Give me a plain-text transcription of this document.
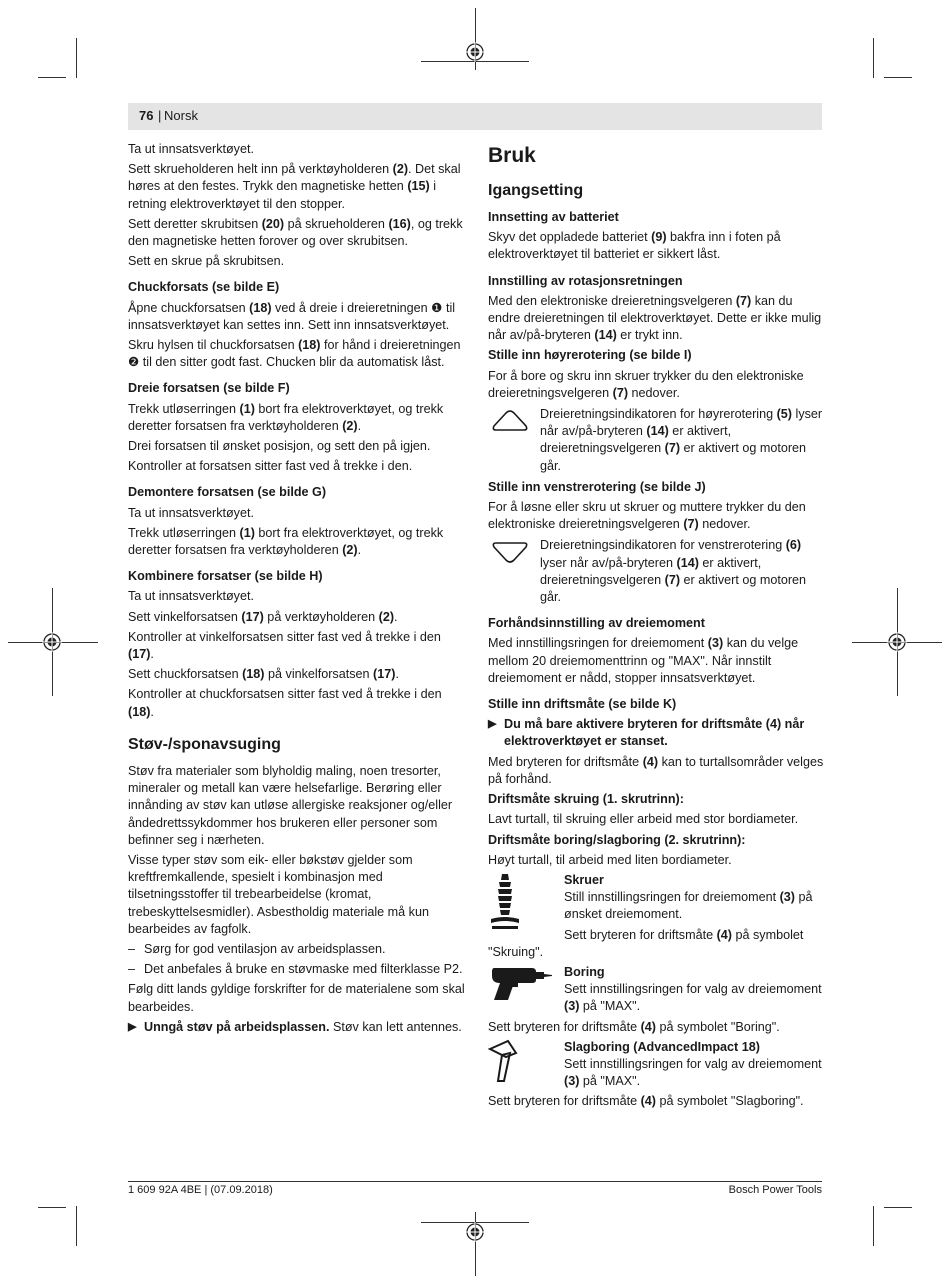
76 | Norsk

Ta ut innsatsverktøyet.

Sett skrueholderen helt inn på verktøyholderen (2). Det skal høres at den festes. Trykk den magnetiske hetten (15) i retning elektroverktøyet til den stopper.

Sett deretter skrubitsen (20) på skrueholderen (16), og trekk den magnetiske hetten forover og over skrubitsen.

Sett en skrue på skrubitsen.

Chuckforsats (se bilde E)

Åpne chuckforsatsen (18) ved å dreie i dreieretningen ❶ til innsatsverktøyet kan settes inn. Sett inn innsatsverktøyet.

Skru hylsen til chuckforsatsen (18) for hånd i dreieretningen ❷ til den sitter godt fast. Chucken blir da automatisk låst.

Dreie forsatsen (se bilde F)

Trekk utløserringen (1) bort fra elektroverktøyet, og trekk deretter forsatsen fra verktøyholderen (2).

Drei forsatsen til ønsket posisjon, og sett den på igjen.

Kontroller at forsatsen sitter fast ved å trekke i den.

Demontere forsatsen (se bilde G)

Ta ut innsatsverktøyet.

Trekk utløserringen (1) bort fra elektroverktøyet, og trekk deretter forsatsen fra verktøyholderen (2).

Kombinere forsatser (se bilde H)

Ta ut innsatsverktøyet.

Sett vinkelforsatsen (17) på verktøyholderen (2).

Kontroller at vinkelforsatsen sitter fast ved å trekke i den (17).

Sett chuckforsatsen (18) på vinkelforsatsen (17).

Kontroller at chuckforsatsen sitter fast ved å trekke i den (18).

Støv-/sponavsuging

Støv fra materialer som blyholdig maling, noen tresorter, mineraler og metall kan være helsefarlige. Berøring eller innånding av støv kan utløse allergiske reaksjoner og/eller åndedrettssykdommer hos brukeren eller personer som befinner seg i nærheten.

Visse typer støv som eik- eller bøkstøv gjelder som kreftfremkallende, spesielt i kombinasjon med tilsetningsstoffer til trebearbeidelse (kromat, trebeskyttelsesmidler). Asbestholdig materiale må kun bearbeides av fagfolk.

– Sørg for god ventilasjon av arbeidsplassen.

– Det anbefales å bruke en støvmaske med filterklasse P2.

Følg ditt lands gyldige forskrifter for de materialene som skal bearbeides.

▶ Unngå støv på arbeidsplassen. Støv kan lett antennes.

Bruk

Igangsetting

Innsetting av batteriet

Skyv det oppladede batteriet (9) bakfra inn i foten på elektroverktøyet til batteriet er sikkert låst.

Innstilling av rotasjonsretningen

Med den elektroniske dreieretningsvelgeren (7) kan du endre dreieretningen til elektroverktøyet. Dette er ikke mulig når av/på-bryteren (14) er trykt inn.

Stille inn høyrerotering (se bilde I)

For å bore og skru inn skruer trykker du den elektroniske dreieretningsvelgeren (7) nedover.

Dreieretningsindikatoren for høyrerotering (5) lyser når av/på-bryteren (14) er aktivert, dreieretningsvelgeren (7) er aktivert og motoren går.

Stille inn venstrerotering (se bilde J)

For å løsne eller skru ut skruer og muttere trykker du den elektroniske dreieretningsvelgeren (7) nedover.

Dreieretningsindikatoren for venstrerotering (6) lyser når av/på-bryteren (14) er aktivert, dreieretningsvelgeren (7) er aktivert og motoren går.

Forhåndsinnstilling av dreiemoment

Med innstillingsringen for dreiemoment (3) kan du velge mellom 20 dreiemomenttrinn og "MAX". Når innstilt dreiemoment er nådd, stopper innsatsverktøyet.

Stille inn driftsmåte (se bilde K)

▶ Du må bare aktivere bryteren for driftsmåte (4) når elektroverktøyet er stanset.

Med bryteren for driftsmåte (4) kan to turtallsområder velges på forhånd.

Driftsmåte skruing (1. skrutrinn):

Lavt turtall, til skruing eller arbeid med stor bordiameter.

Driftsmåte boring/slagboring (2. skrutrinn):

Høyt turtall, til arbeid med liten bordiameter.

Skruer

Still innstillingsringen for dreiemoment (3) på ønsket dreiemoment.

Sett bryteren for driftsmåte (4) på symbolet "Skruing".

Boring

Sett innstillingsringen for valg av dreiemoment (3) på "MAX".

Sett bryteren for driftsmåte (4) på symbolet "Boring".

Slagboring (AdvancedImpact 18)

Sett innstillingsringen for valg av dreiemoment (3) på "MAX".

Sett bryteren for driftsmåte (4) på symbolet "Slagboring".

1 609 92A 4BE | (07.09.2018)	Bosch Power Tools
